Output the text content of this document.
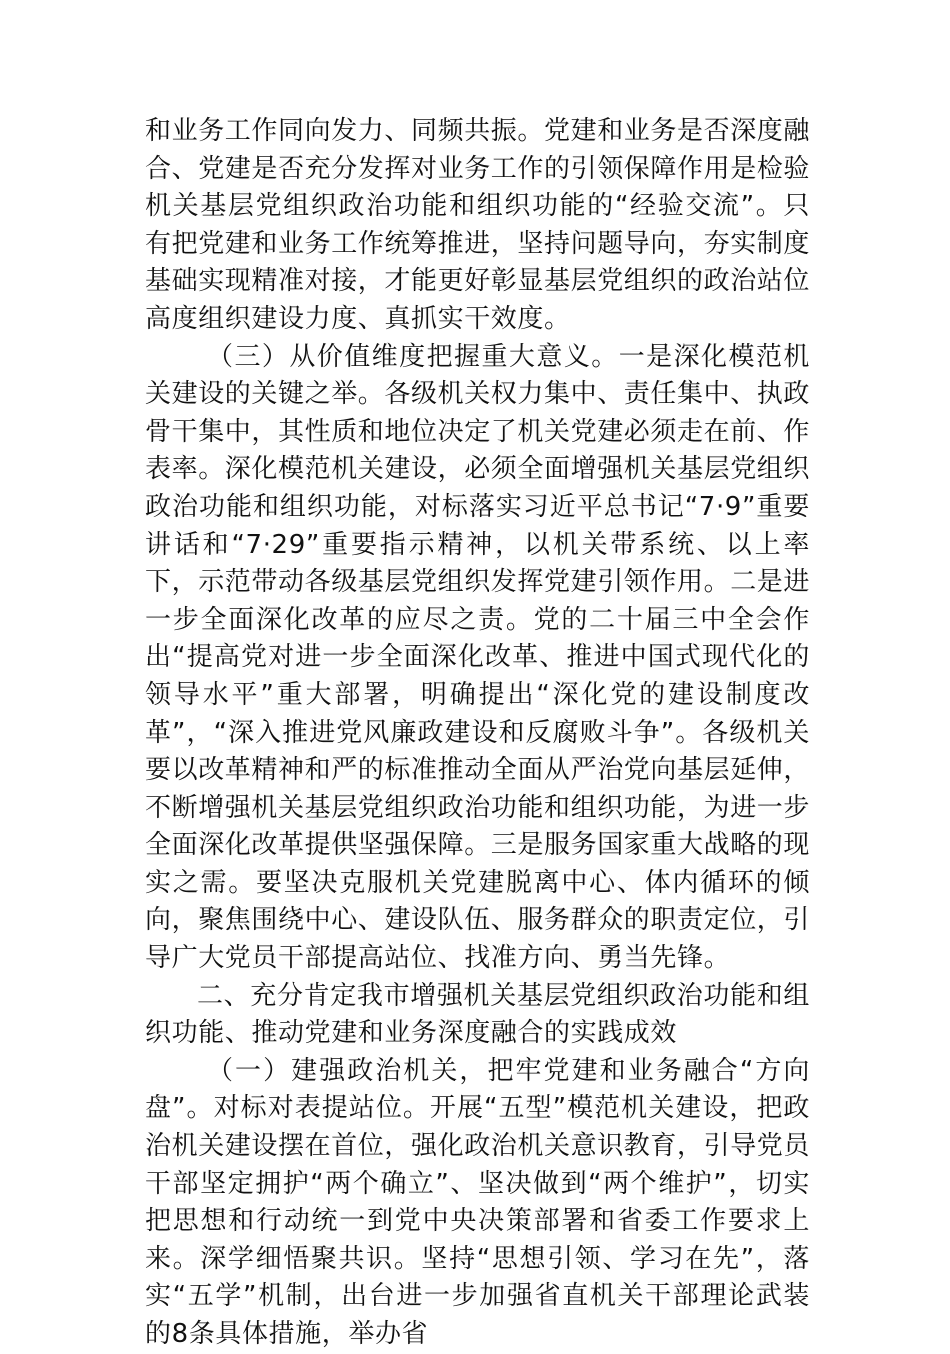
和业务工作同向发力、同频共振。党建和业务是否深度融合、党建是否充分发挥对业务工作的引领保障作用是检验机关基层党组织政治功能和组织功能的“经验交流”。只有把党建和业务工作统筹推进，坚持问题导向，夯实制度基础实现精准对接，才能更好彰显基层党组织的政治站位高度组织建设力度、真抓实干效度。

（三）从价值维度把握重大意义。一是深化模范机关建设的关键之举。各级机关权力集中、责任集中、执政骨干集中，其性质和地位决定了机关党建必须走在前、作表率。深化模范机关建设，必须全面增强机关基层党组织政治功能和组织功能，对标落实习近平总书记“7·9”重要讲话和“7·29”重要指示精神，以机关带系统、以上率下，示范带动各级基层党组织发挥党建引领作用。二是进一步全面深化改革的应尽之责。党的二十届三中全会作出“提高党对进一步全面深化改革、推进中国式现代化的领导水平”重大部署，明确提出“深化党的建设制度改革”，“深入推进党风廉政建设和反腐败斗争”。各级机关要以改革精神和严的标准推动全面从严治党向基层延伸，不断增强机关基层党组织政治功能和组织功能，为进一步全面深化改革提供坚强保障。三是服务国家重大战略的现实之需。要坚决克服机关党建脱离中心、体内循环的倾向，聚焦围绕中心、建设队伍、服务群众的职责定位，引导广大党员干部提高站位、找准方向、勇当先锋。

二、充分肯定我市增强机关基层党组织政治功能和组织功能、推动党建和业务深度融合的实践成效

（一）建强政治机关，把牢党建和业务融合“方向盘”。对标对表提站位。开展“五型”模范机关建设，把政治机关建设摆在首位，强化政治机关意识教育，引导党员干部坚定拥护“两个确立”、坚决做到“两个维护”，切实把思想和行动统一到党中央决策部署和省委工作要求上来。深学细悟聚共识。坚持“思想引领、学习在先”，落实“五学”机制，出台进一步加强省直机关干部理论武装的8条具体措施，举办省
